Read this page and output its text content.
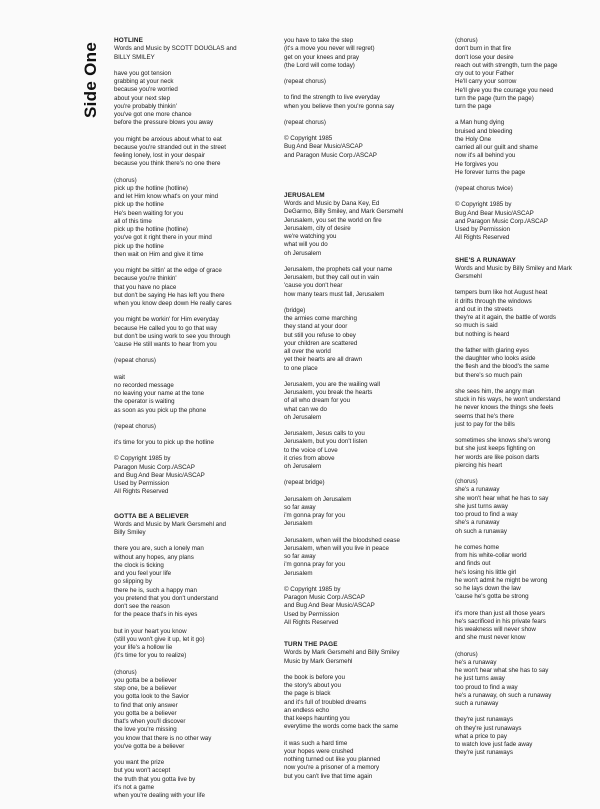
Side One
HOTLINE
Words and Music by SCOTT DOUGLAS and
BILLY SMILEY
have you got tension
grabbing at your neck
because you're worried
about your next step
you're probably thinkin'
you've got one more chance
before the pressure blows you away
you might be anxious about what to eat
because you're stranded out in the street
feeling lonely, lost in your despair
because you think there's no one there
(chorus)
pick up the hotline (hotline)
and let Him know what's on your mind
pick up the hotline
He's been waiting for you
all of this time
pick up the hotline (hotline)
you've got it right there in your mind
pick up the hotline
then wait on Him and give it time
you might be sittin' at the edge of grace
because you're thinkin'
that you have no place
but don't be saying He has left you there
when you know deep down He really cares
you might be workin' for Him everyday
because He called you to go that way
but don't be using work to see you through
'cause He still wants to hear from you
(repeat chorus)
wait
no recorded message
no leaving your name at the tone
the operator is waiting
as soon as you pick up the phone
(repeat chorus)
it's time for you to pick up the hotline
© Copyright 1985 by
Paragon Music Corp./ASCAP
and Bug And Bear Music/ASCAP
Used by Permission
All Rights Reserved
GOTTA BE A BELIEVER
Words and Music by Mark Gersmehl and
Billy Smiley
there you are, such a lonely man
without any hopes, any plans
the clock is ticking
and you feel your life
go slipping by
there he is, such a happy man
you pretend that you don't understand
don't see the reason
for the peace that's in his eyes
but in your heart you know
(still you won't give it up, let it go)
your life's a hollow lie
(it's time for you to realize)
(chorus)
you gotta be a believer
step one, be a believer
you gotta look to the Savior
to find that only answer
you gotta be a believer
that's when you'll discover
the love you're missing
you know that there is no other way
you've gotta be a believer
you want the prize
but you won't accept
the truth that you gotta live by
it's not a game
when you're dealing with your life
you have to take the step
(it's a move you never will regret)
get on your knees and pray
(the Lord will come today)
(repeat chorus)
to find the strength to live everyday
when you believe then you're gonna say
(repeat chorus)
© Copyright 1985
Bug And Bear Music/ASCAP
and Paragon Music Corp./ASCAP
JERUSALEM
Words and Music by Dana Key, Ed
DeGarmo, Billy Smiley, and Mark Gersmehl
Jerusalem, you set the world on fire
Jerusalem, city of desire
we're watching you
what will you do
oh Jerusalem
Jerusalem, the prophets call your name
Jerusalem, but they call out in vain
'cause you don't hear
how many tears must fall, Jerusalem
(bridge)
the armies come marching
they stand at your door
but still you refuse to obey
your children are scattered
all over the world
yet their hearts are all drawn
to one place
Jerusalem, you are the wailing wall
Jerusalem, you break the hearts
of all who dream for you
what can we do
oh Jerusalem
Jerusalem, Jesus calls to you
Jerusalem, but you don't listen
to the voice of Love
it cries from above
oh Jerusalem
(repeat bridge)
Jerusalem oh Jerusalem
so far away
i'm gonna pray for you
Jerusalem
Jerusalem, when will the bloodshed cease
Jerusalem, when will you live in peace
so far away
i'm gonna pray for you
Jerusalem
© Copyright 1985 by
Paragon Music Corp./ASCAP
and Bug And Bear Music/ASCAP
Used by Permission
All Rights Reserved
TURN THE PAGE
Words by Mark Gersmehl and Billy Smiley
Music by Mark Gersmehl
the book is before you
the story's about you
the page is black
and it's full of troubled dreams
an endless echo
that keeps haunting you
everytime the words come back the same
it was such a hard time
your hopes were crushed
nothing turned out like you planned
now you're a prisoner of a memory
but you can't live that time again
(chorus)
don't burn in that fire
don't lose your desire
reach out with strength, turn the page
cry out to your Father
He'll carry your sorrow
He'll give you the courage you need
turn the page (turn the page)
turn the page
a Man hung dying
bruised and bleeding
the Holy One
carried all our guilt and shame
now it's all behind you
He forgives you
He forever turns the page
(repeat chorus twice)
© Copyright 1985 by
Bug And Bear Music/ASCAP
and Paragon Music Corp./ASCAP
Used by Permission
All Rights Reserved
SHE'S A RUNAWAY
Words and Music by Billy Smiley and Mark
Gersmehl
tempers burn like hot August heat
it drifts through the windows
and out in the streets
they're at it again, the battle of words
so much is said
but nothing is heard
the father with glaring eyes
the daughter who looks aside
the flesh and the blood's the same
but there's so much pain
she sees him, the angry man
stuck in his ways, he won't understand
he never knows the things she feels
seems that he's there
just to pay for the bills
sometimes she knows she's wrong
but she just keeps fighting on
her words are like poison darts
piercing his heart
(chorus)
she's a runaway
she won't hear what he has to say
she just turns away
too proud to find a way
she's a runaway
oh such a runaway
he comes home
from his white-collar world
and finds out
he's losing his little girl
he won't admit he might be wrong
so he lays down the law
'cause he's gotta be strong
it's more than just all those years
he's sacrificed in his private fears
his weakness will never show
and she must never know
(chorus)
he's a runaway
he won't hear what she has to say
he just turns away
too proud to find a way
he's a runaway, oh such a runaway
such a runaway
they're just runaways
oh they're just runaways
what a price to pay
to watch love just fade away
they're just runaways
